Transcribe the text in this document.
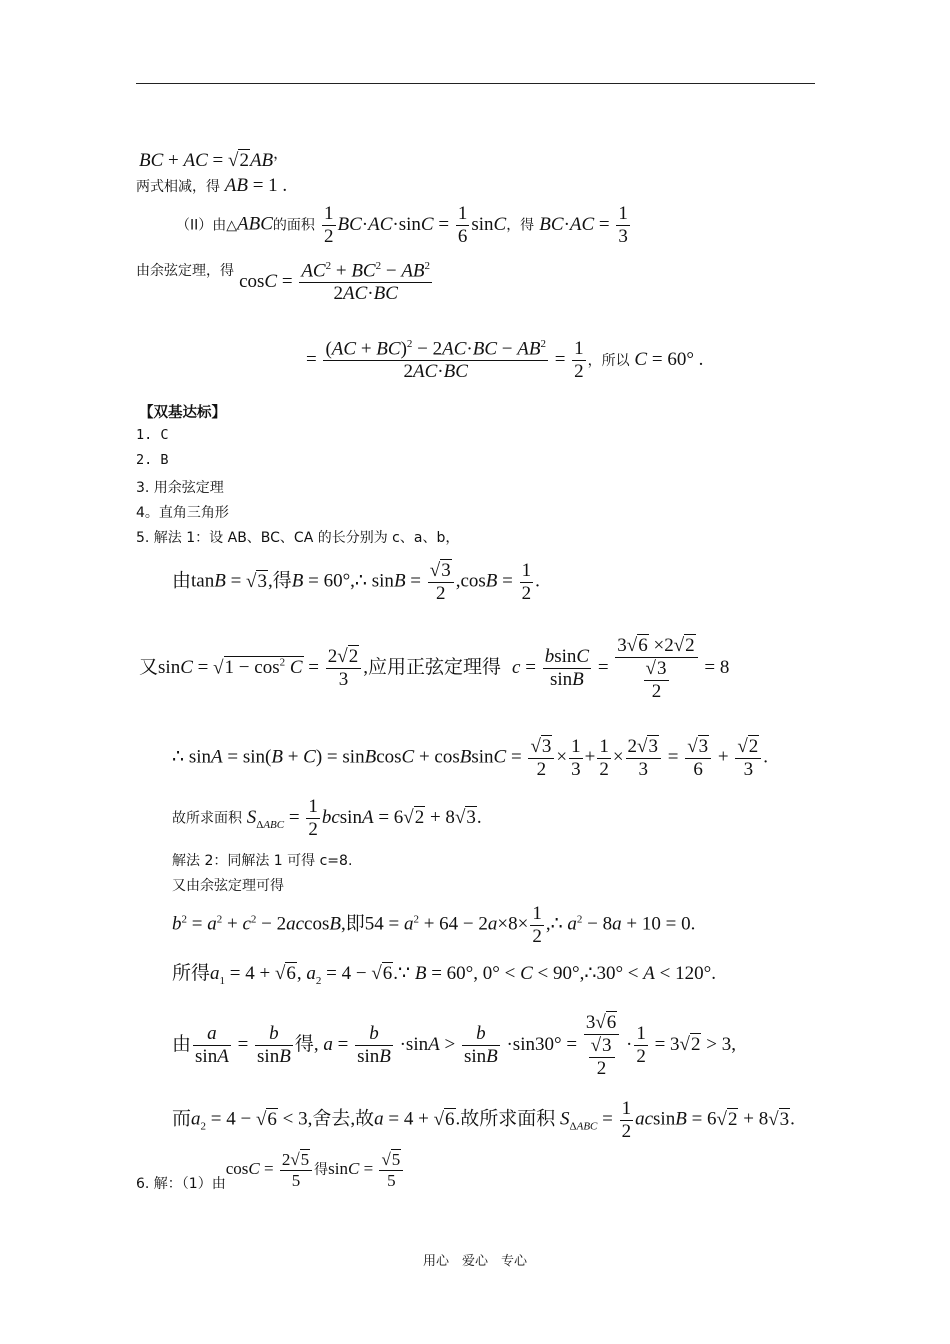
BC + AC = √2AB，
两式相减，得 AB = 1 .
（II）由△ABC的面积 $\frac{1}{2} BC\cdot AC\cdot\sin C = \frac{1}{6}$ sinC，得 $BC\cdot AC = \frac{1}{3}$
由余弦定理，得 $\cos C = \frac{AC^2 + BC^2 - AB^2}{2AC\cdot BC}$
= $\frac{(AC + BC)^2 - 2AC\cdot BC - AB^2}{2AC\cdot BC} = \frac{1}{2}$ ，所以 C = 60° .
【双基达标】
1. C
2. B
3. 用余弦定理
4。直角三角形
5. 解法 1：设 AB、BC、CA 的长分别为 c、a、b，
由tanB = √3,得B = 60°,∴ $\sin B = \frac{√3}{2} ,\cos B = \frac{1}{2}$ .
又$\sin C = √1 - \cos^2 C = \frac{2√2}{3}$ ,应用正弦定理得 $c = \frac{bsinC}{\sin B} = \frac{3√6 \times 2√2}{\frac{√3}{2}} = 8$
∴ sinA = sin(B + C) = sinBcosC + cosBsinC = $\frac{√3}{2} \times \frac{1}{3} + \frac{1}{2} \times \frac{2√3}{3} = \frac{√3}{6} + \frac{√2}{3}$ .
故所求面积 $S_{\Delta ABC} = \frac{1}{2}$ bcsinA = 6√2 + 8√3.
解法 2：同解法 1 可得 c=8.
又由余弦定理可得
$b^2 = a^2 + c^2 - 2accosB$,即$54 = a^2 + 64 - 2a\times 8\times \frac{1}{2}$ ,∴ $a^2 - 8a + 10 = 0$.
所得$a_1 = 4 + √6$, $a_2 = 4$ − √6.∵ B = 60°, 0° < C < 90°,∴30° < A < 120°.
由 $\frac{a}{\sin A} = \frac{b}{\sin B}$ 得, $a = \frac{b}{\sin B} \cdot\sin A > \frac{b}{\sin B} \cdot\sin 30^\circ = \frac{3√6}{\frac{√3}{2}} \cdot \frac{1}{2} = 3√2 > 3$,
而$a_2 = 4 - √6 < 3$,舍去,故a = 4 + √6.故所求面积 $S_{\Delta ABC} = \frac{1}{2}$ acsinB = 6√2 + 8√3.
6. 解：（1）由$\cos C = \frac{2√5}{5}$ 得$\sin C = \frac{√5}{5}$
用心　爱心　专心
